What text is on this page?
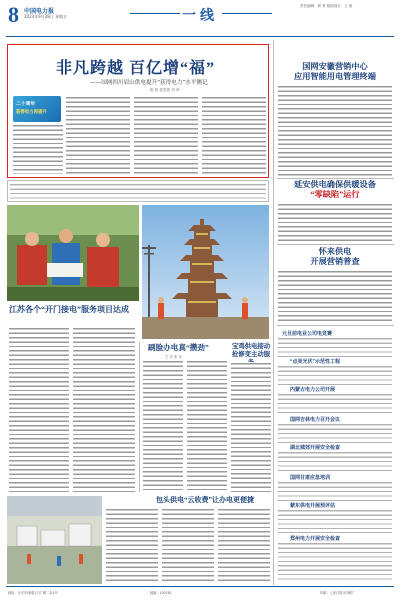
8 中国电力报
2023年9月28日 星期五	一线
责任编辑：杨 青 版面设计：王 艳
非凡跨越 百亿增“福”
——国网四川眉山供电提升“获得电力”水平侧记
陈 波 张思思 刘 琦
二十周年
获得电力再提升
国网安徽营销中心
应用智能用电管理终端
延安供电确保供暖设备
“零缺陷”运行
怀来供电
开展营销普查
元旦前电业公司电竞赛
“点亮光伏”示范性工程
内蒙古电力公司开展
国网吉林电力召开会议
湖北城郊开展安全检查
国网甘肃应急培训
蒙东供电开展预评估
郑州电力开展安全检查
江苏各个“开门接电”服务项目达成
刷脸办电真“攒劲”
王 芳 张 东
宝鸡供电接动抢修变主动服
包头供电“云收费”让办电更便捷
地址：北京市西城区白广路二条1号	邮编：100761	印刷：人民日报社印刷厂
